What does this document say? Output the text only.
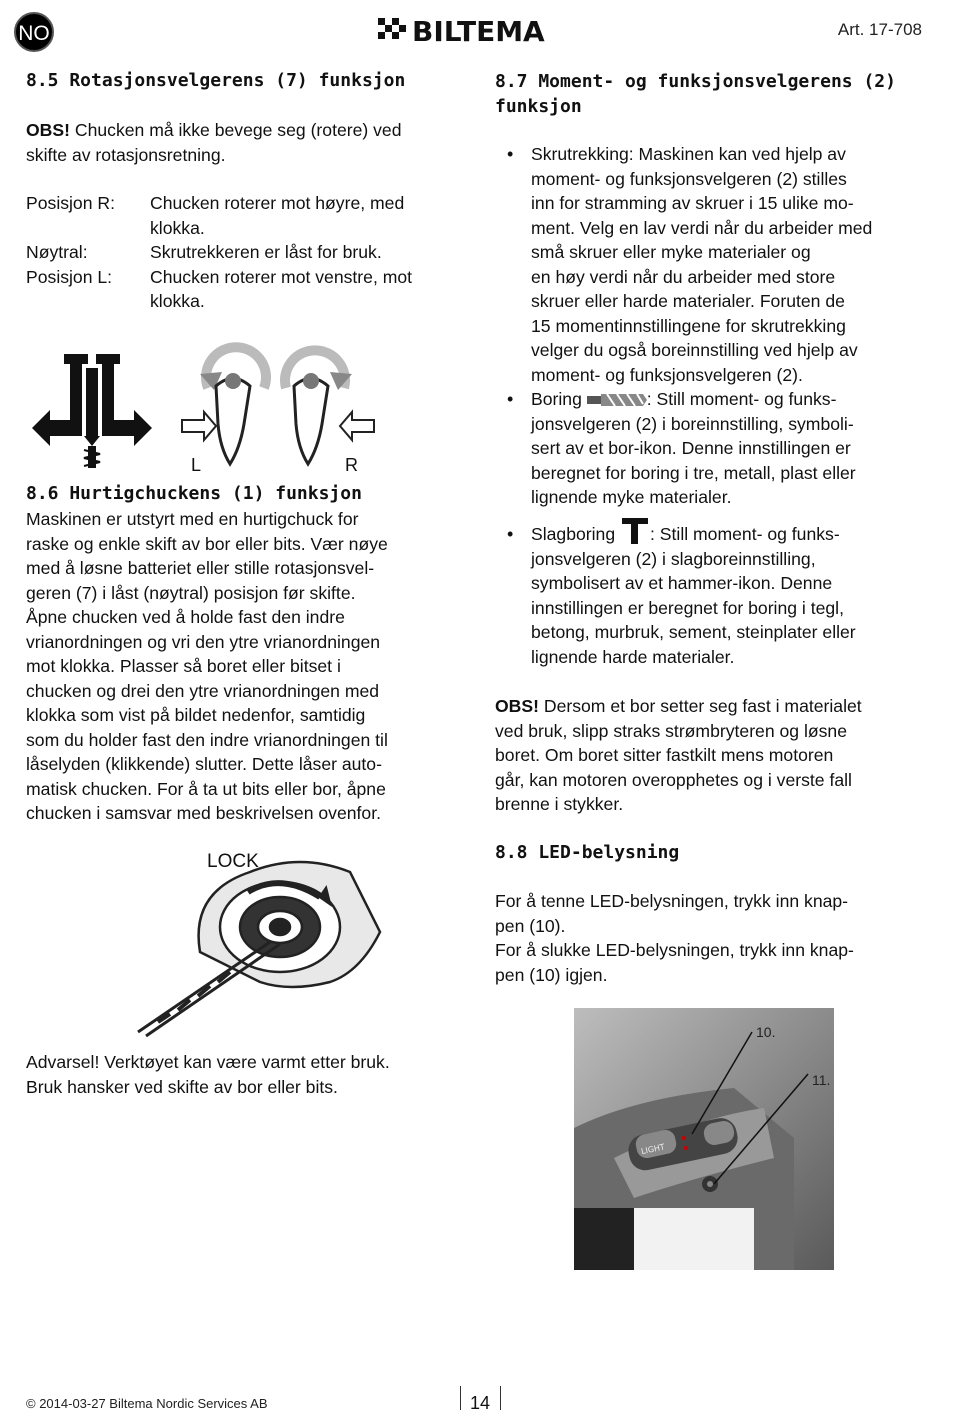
NO	BILTEMA	Art. 17-708
8.5 Rotasjonsvelgerens (7) funksjon
OBS! Chucken må ikke bevege seg (rotere) ved
skifte av rotasjonsretning.
Posisjon R:	Chucken roterer mot høyre, med
klokka.
Nøytral:	Skrutrekkeren er låst for bruk.
Posisjon L:	Chucken roterer mot venstre, mot
klokka.
L	R
8.6 Hurtigchuckens (1) funksjon
Maskinen er utstyrt med en hurtigchuck for
raske og enkle skift av bor eller bits. Vær nøye
med å løsne batteriet eller stille rotasjonsvel-
geren (7) i låst (nøytral) posisjon før skifte.
Åpne chucken ved å holde fast den indre
vrianordningen og vri den ytre vrianordningen
mot klokka. Plasser så boret eller bitset i
chucken og drei den ytre vrianordningen med
klokka som vist på bildet nedenfor, samtidig
som du holder fast den indre vrianordningen til
låselyden (klikkende) slutter. Dette låser auto-
matisk chucken. For å ta ut bits eller bor, åpne
chucken i samsvar med beskrivelsen ovenfor.
LOCK
Advarsel! Verktøyet kan være varmt etter bruk.
Bruk hansker ved skifte av bor eller bits.
8.7 Moment- og funksjonsvelgerens (2)
funksjon
• Skrutrekking: Maskinen kan ved hjelp av
moment- og funksjonsvelgeren (2) stilles
inn for stramming av skruer i 15 ulike mo-
ment. Velg en lav verdi når du arbeider med
små skruer eller myke materialer og
en høy verdi når du arbeider med store
skruer eller harde materialer. Foruten de
15 momentinnstillingene for skrutrekking
velger du også boreinnstilling ved hjelp av
moment- og funksjonsvelgeren (2).
• Boring	: Still moment- og funks-
jonsvelgeren (2) i boreinnstilling, symboli-
sert av et bor-ikon. Denne innstillingen er
beregnet for boring i tre, metall, plast eller
lignende myke materialer.
• Slagboring : Still moment- og funks-
jonsvelgeren (2) i slagboreinnstilling,
symbolisert av et hammer-ikon. Denne
innstillingen er beregnet for boring i tegl,
betong, murbruk, sement, steinplater eller
lignende harde materialer.
OBS! Dersom et bor setter seg fast i materialet
ved bruk, slipp straks strømbryteren og løsne
boret. Om boret sitter fastkilt mens motoren
går, kan motoren overopphetes og i verste fall
brenne i stykker.
8.8 LED-belysning
For å tenne LED-belysningen, trykk inn knap-
pen (10).
For å slukke LED-belysningen, trykk inn knap-
pen (10) igjen.
LIGHT
10.
11.
© 2014-03-27 Biltema Nordic Services AB	14
